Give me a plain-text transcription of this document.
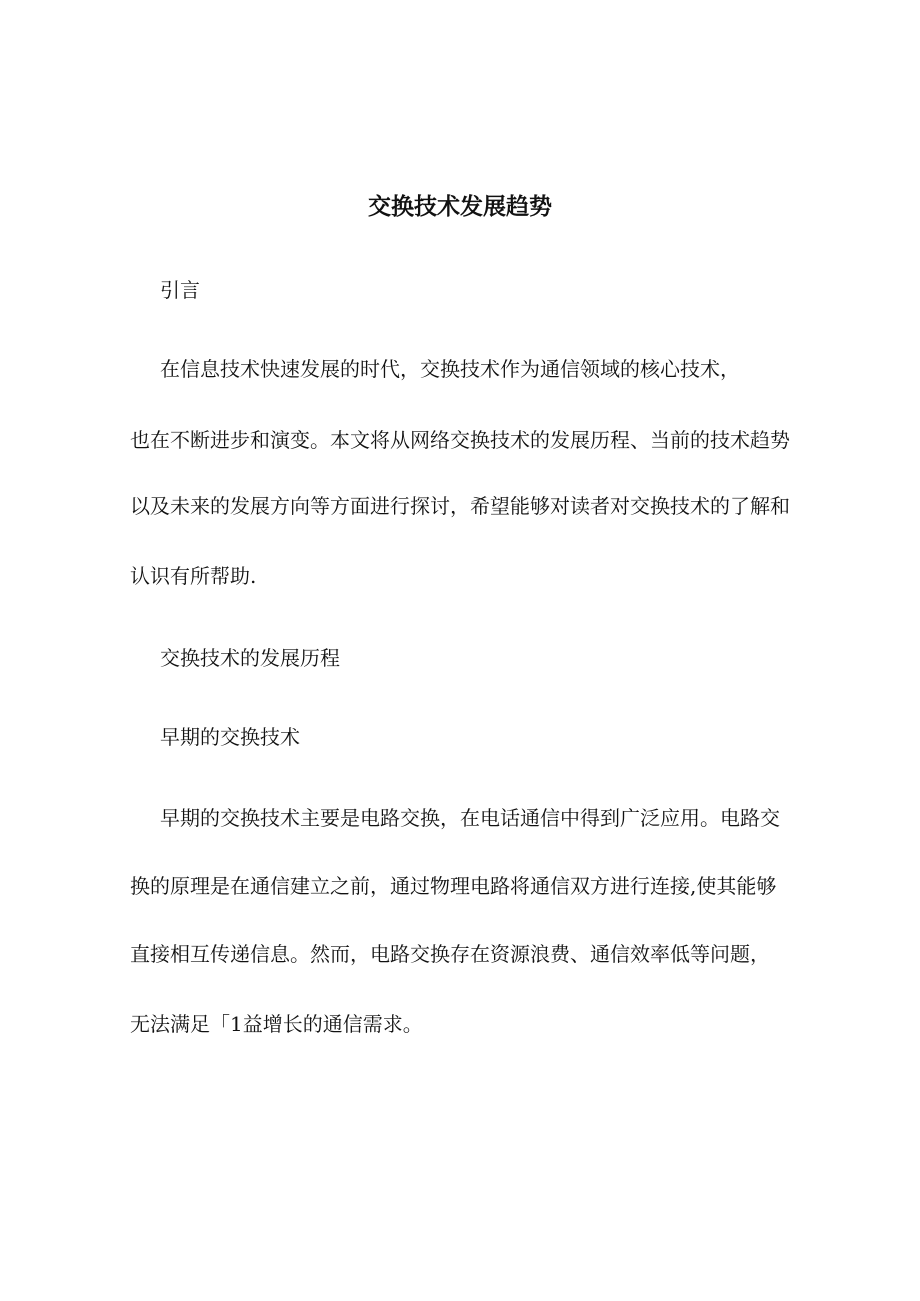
交换技术发展趋势
引言
在信息技术快速发展的时代，交换技术作为通信领域的核心技术，
也在不断进步和演变。本文将从网络交换技术的发展历程、当前的技术趋势
以及未来的发展方向等方面进行探讨，希望能够对读者对交换技术的了解和
认识有所帮助.
交换技术的发展历程
早期的交换技术
早期的交换技术主要是电路交换，在电话通信中得到广泛应用。电路交
换的原理是在通信建立之前，通过物理电路将通信双方进行连接,使其能够
直接相互传递信息。然而，电路交换存在资源浪费、通信效率低等问题，
无法满足「1益增长的通信需求。
